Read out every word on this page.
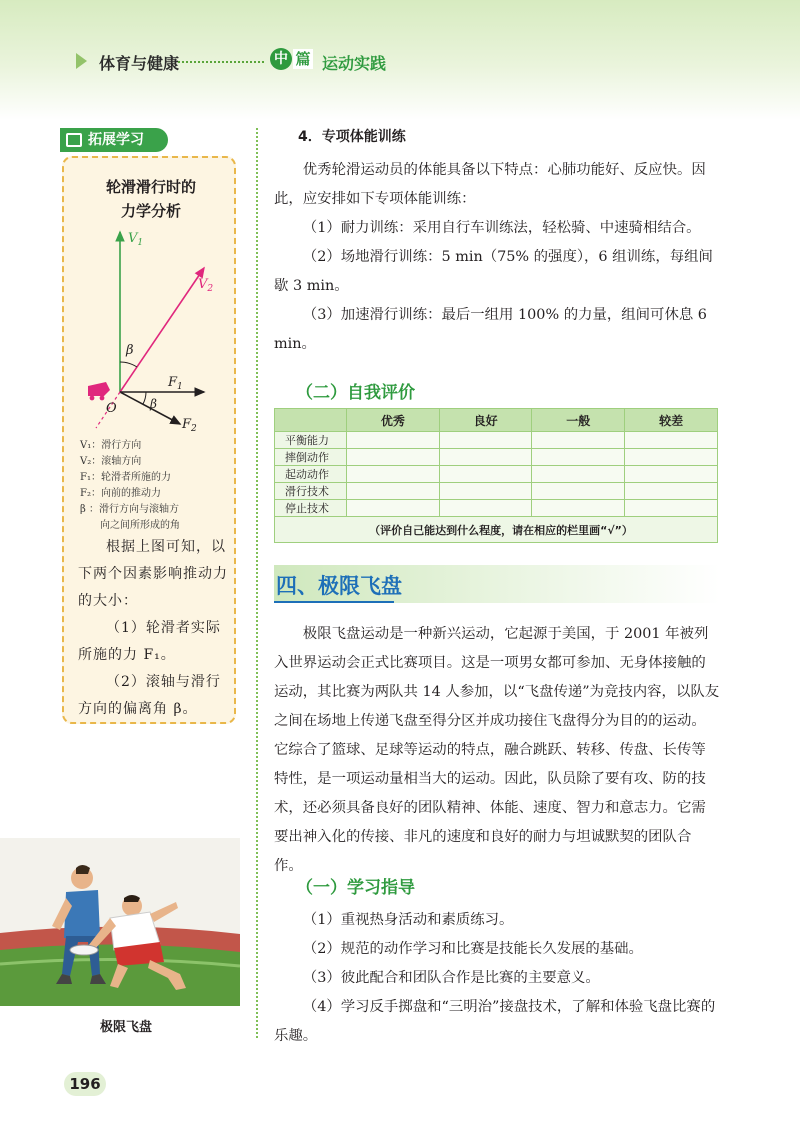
体育与健康	中 篇 运动实践
拓展学习
轮滑滑行时的
力学分析
$V_1$
$V_2$
$F_1$
$F_2$
O
β
β
V₁：滑行方向
V₂：滚轴方向
F₁：轮滑者所施的力
F₂：向前的推动力
β ：滑行方向与滚轴方
向之间所形成的角

根据上图可知，以下两个因素影响推动力的大小：

（1）轮滑者实际所施的力 F₁。

（2）滚轴与滑行方向的偏离角 β。

极限飞盘
4．专项体能训练

优秀轮滑运动员的体能具备以下特点：心肺功能好、反应快。因此，应安排如下专项体能训练：

（1）耐力训练：采用自行车训练法，轻松骑、中速骑相结合。

（2）场地滑行训练：5 min（75% 的强度），6 组训练，每组间歇 3 min。

（3）加速滑行训练：最后一组用 100% 的力量，组间可休息 6 min。

（二）自我评价
	优秀	良好	一般	较差
平衡能力				
摔倒动作				
起动动作				
滑行技术				
停止技术				
（评价自己能达到什么程度，请在相应的栏里画“√”）				
四、极限飞盘

极限飞盘运动是一种新兴运动，它起源于美国，于 2001 年被列入世界运动会正式比赛项目。这是一项男女都可参加、无身体接触的运动，其比赛为两队共 14 人参加，以“飞盘传递”为竞技内容，以队友之间在场地上传递飞盘至得分区并成功接住飞盘得分为目的的运动。它综合了篮球、足球等运动的特点，融合跳跃、转移、传盘、长传等特性，是一项运动量相当大的运动。因此，队员除了要有攻、防的技术，还必须具备良好的团队精神、体能、速度、智力和意志力。它需要出神入化的传接、非凡的速度和良好的耐力与坦诚默契的团队合作。

（一）学习指导

（1）重视热身活动和素质练习。

（2）规范的动作学习和比赛是技能长久发展的基础。

（3）彼此配合和团队合作是比赛的主要意义。

（4）学习反手掷盘和“三明治”接盘技术，了解和体验飞盘比赛的乐趣。

196
